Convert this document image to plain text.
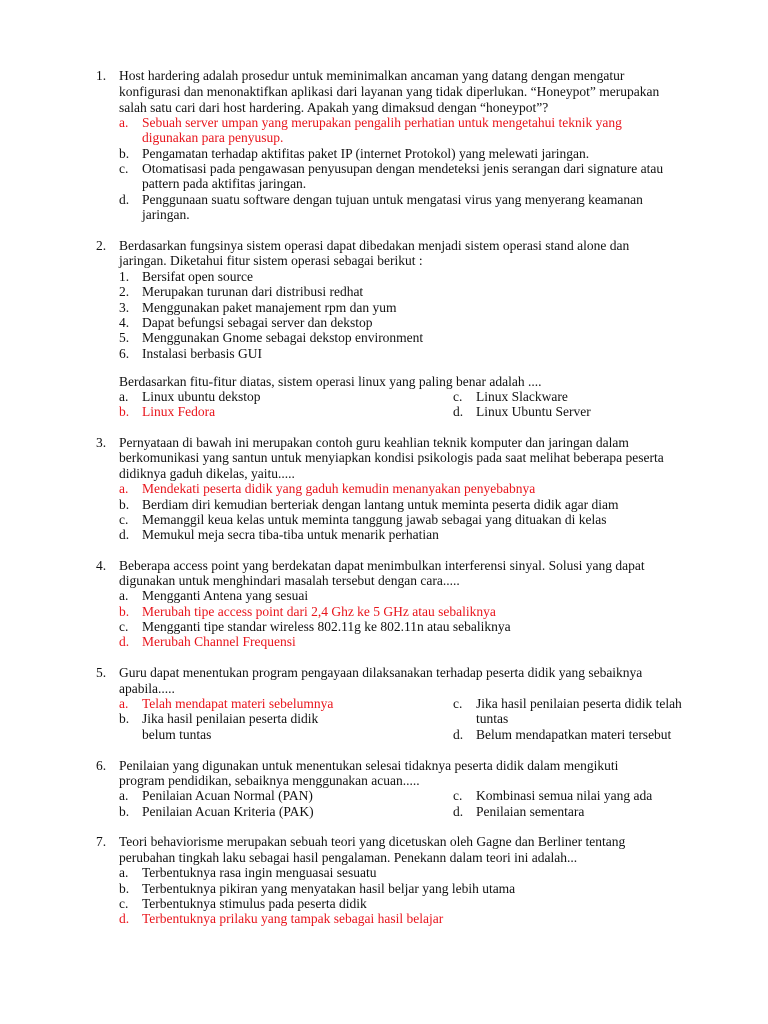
1. Host hardering adalah prosedur untuk meminimalkan ancaman yang datang dengan mengatur
konfigurasi dan menonaktifkan aplikasi dari layanan yang tidak diperlukan. “Honeypot” merupakan
salah satu cari dari host hardering. Apakah yang dimaksud dengan “honeypot”?
a. Sebuah server umpan yang merupakan pengalih perhatian untuk mengetahui teknik yang
digunakan para penyusup.
b. Pengamatan terhadap aktifitas paket IP (internet Protokol) yang melewati jaringan.
c. Otomatisasi pada pengawasan penyusupan dengan mendeteksi jenis serangan dari signature atau
pattern pada aktifitas jaringan.
d. Penggunaan suatu software dengan tujuan untuk mengatasi virus yang menyerang keamanan
jaringan.
2. Berdasarkan fungsinya sistem operasi dapat dibedakan menjadi sistem operasi stand alone dan
jaringan. Diketahui fitur sistem operasi sebagai berikut :
1. Bersifat open source
2. Merupakan turunan dari distribusi redhat
3. Menggunakan paket manajement rpm dan yum
4. Dapat befungsi sebagai server dan dekstop
5. Menggunakan Gnome sebagai dekstop environment
6. Instalasi berbasis GUI
Berdasarkan fitu-fitur diatas, sistem operasi linux yang paling benar adalah ....
a. Linux ubuntu dekstop	c. Linux Slackware
b. Linux Fedora	d. Linux Ubuntu Server
3. Pernyataan di bawah ini merupakan contoh guru keahlian teknik komputer dan jaringan dalam
berkomunikasi yang santun untuk menyiapkan kondisi psikologis pada saat melihat beberapa peserta
didiknya gaduh dikelas, yaitu.....
a. Mendekati peserta didik yang gaduh kemudin menanyakan penyebabnya
b. Berdiam diri kemudian berteriak dengan lantang untuk meminta peserta didik agar diam
c. Memanggil keua kelas untuk meminta tanggung jawab sebagai yang dituakan di kelas
d. Memukul meja secra tiba-tiba untuk menarik perhatian
4. Beberapa access point yang berdekatan dapat menimbulkan interferensi sinyal. Solusi yang dapat
digunakan untuk menghindari masalah tersebut dengan cara.....
a. Mengganti Antena yang sesuai
b. Merubah tipe access point dari 2,4 Ghz ke 5 GHz atau sebaliknya
c. Mengganti tipe standar wireless 802.11g ke 802.11n atau sebaliknya
d. Merubah Channel Frequensi
5. Guru dapat menentukan program pengayaan dilaksanakan terhadap peserta didik yang sebaiknya
apabila.....
a. Telah mendapat materi sebelumnya	c. Jika hasil penilaian peserta didik telah
b. Jika hasil penilaian peserta didik	tuntas
belum tuntas	d. Belum mendapatkan materi tersebut
6. Penilaian yang digunakan untuk menentukan selesai tidaknya peserta didik dalam mengikuti
program pendidikan, sebaiknya menggunakan acuan.....
a. Penilaian Acuan Normal (PAN)	c. Kombinasi semua nilai yang ada
b. Penilaian Acuan Kriteria (PAK)	d. Penilaian sementara
7. Teori behaviorisme merupakan sebuah teori yang dicetuskan oleh Gagne dan Berliner tentang
perubahan tingkah laku sebagai hasil pengalaman. Penekann dalam teori ini adalah...
a. Terbentuknya rasa ingin menguasai sesuatu
b. Terbentuknya pikiran yang menyatakan hasil beljar yang lebih utama
c. Terbentuknya stimulus pada peserta didik
d. Terbentuknya prilaku yang tampak sebagai hasil belajar
